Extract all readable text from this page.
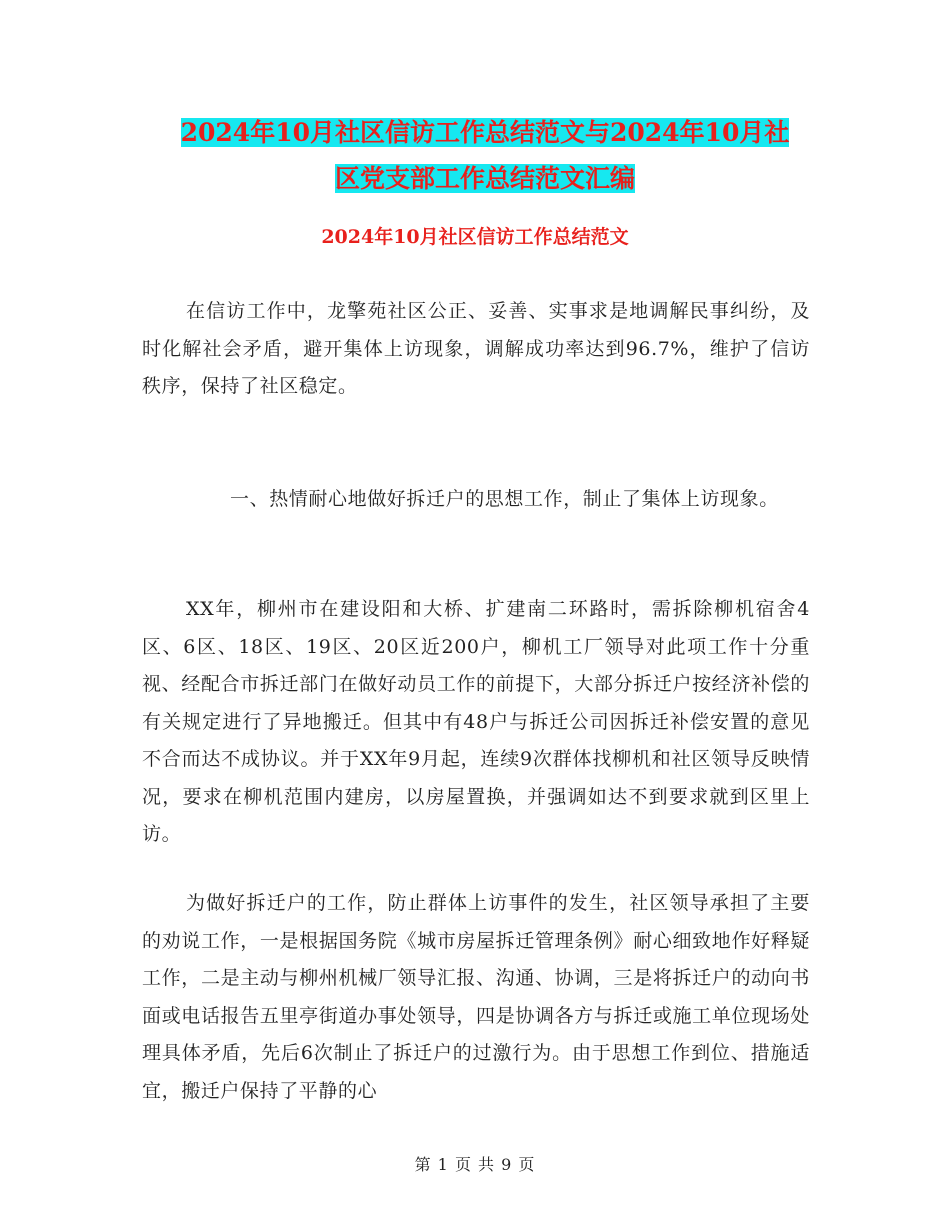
2024年10月社区信访工作总结范文与2024年10月社
区党支部工作总结范文汇编
2024年10月社区信访工作总结范文

在信访工作中，龙擎苑社区公正、妥善、实事求是地调解民事纠纷，及时化解社会矛盾，避开集体上访现象，调解成功率达到96.7%，维护了信访秩序，保持了社区稳定。

一、热情耐心地做好拆迁户的思想工作，制止了集体上访现象。

XX年，柳州市在建设阳和大桥、扩建南二环路时，需拆除柳机宿舍4区、6区、18区、19区、20区近200户，柳机工厂领导对此项工作十分重视、经配合市拆迁部门在做好动员工作的前提下，大部分拆迁户按经济补偿的有关规定进行了异地搬迁。但其中有48户与拆迁公司因拆迁补偿安置的意见不合而达不成协议。并于XX年9月起，连续9次群体找柳机和社区领导反映情况，要求在柳机范围内建房，以房屋置换，并强调如达不到要求就到区里上访。

为做好拆迁户的工作，防止群体上访事件的发生，社区领导承担了主要的劝说工作，一是根据国务院《城市房屋拆迁管理条例》耐心细致地作好释疑工作，二是主动与柳州机械厂领导汇报、沟通、协调，三是将拆迁户的动向书面或电话报告五里亭街道办事处领导，四是协调各方与拆迁或施工单位现场处理具体矛盾，先后6次制止了拆迁户的过激行为。由于思想工作到位、措施适宜，搬迁户保持了平静的心

第 1 页 共 9 页
